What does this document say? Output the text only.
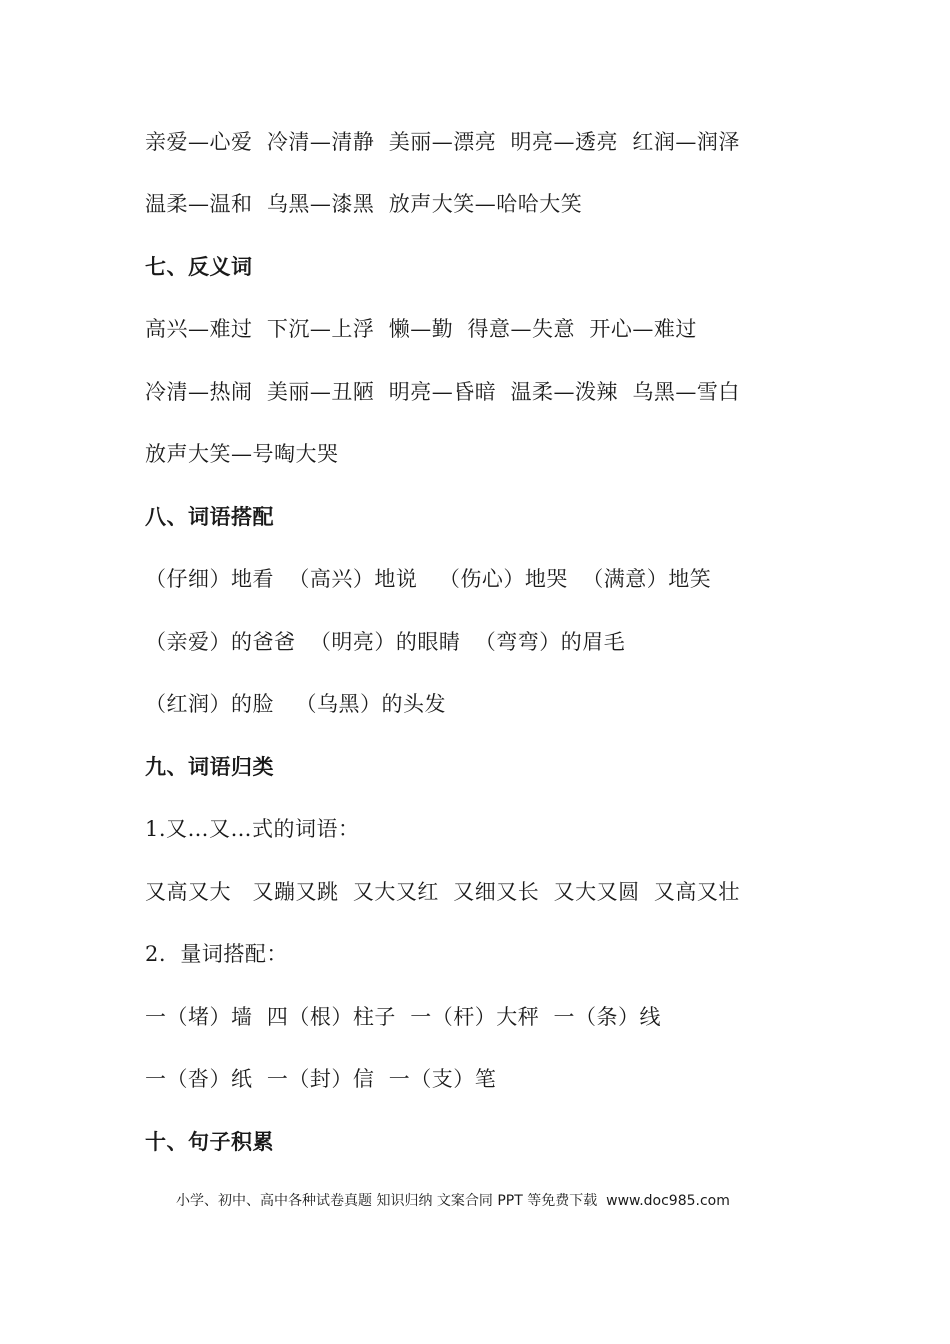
亲爱—心爱  冷清—清静  美丽—漂亮  明亮—透亮  红润—润泽
温柔—温和  乌黑—漆黑  放声大笑—哈哈大笑
七、反义词
高兴—难过  下沉—上浮  懒—勤  得意—失意  开心—难过
冷清—热闹  美丽—丑陋  明亮—昏暗  温柔—泼辣  乌黑—雪白
放声大笑—号啕大哭
八、词语搭配
（仔细）地看  （高兴）地说   （伤心）地哭  （满意）地笑
（亲爱）的爸爸  （明亮）的眼睛  （弯弯）的眉毛
（红润）的脸   （乌黑）的头发
九、词语归类
1.又…又…式的词语：
又高又大   又蹦又跳  又大又红  又细又长  又大又圆  又高又壮
2.  量词搭配：
一（堵）墙  四（根）柱子  一（杆）大秤  一（条）线
一（沓）纸  一（封）信  一（支）笔
十、句子积累
小学、初中、高中各种试卷真题 知识归纳 文案合同 PPT 等免费下载  www.doc985.com
